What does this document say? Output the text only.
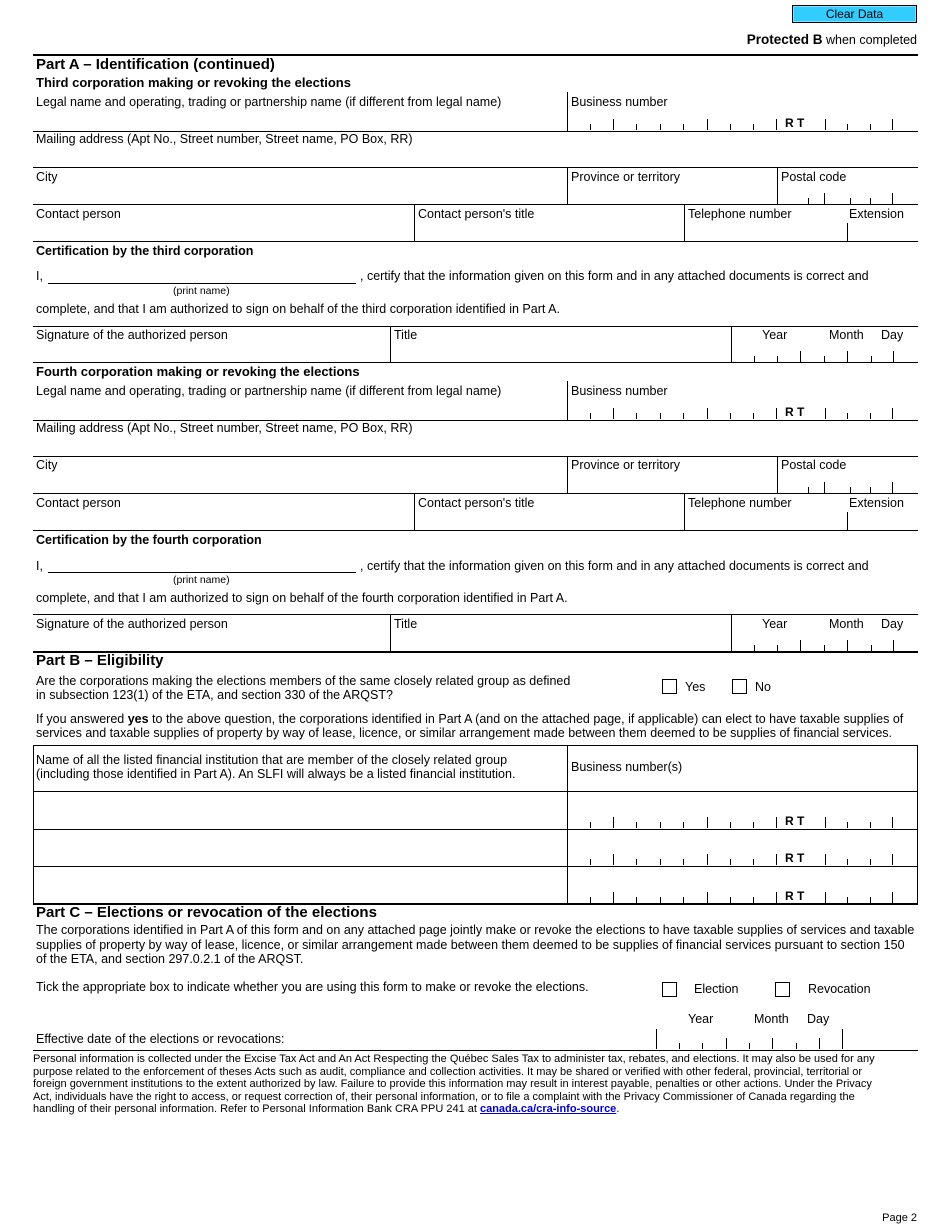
Clear Data
Protected B when completed
Part A – Identification (continued)
Third corporation making or revoking the elections
Legal name and operating, trading or partnership name (if different from legal name)	Business number
R T
Mailing address (Apt No., Street number, Street name, PO Box, RR)
City	Province or territory	Postal code
Contact person	Contact person's title	Telephone number	Extension
Certification by the third corporation
I,	, certify that the information given on this form and in any attached documents is correct and
(print name)
complete, and that I am authorized to sign on behalf of the third corporation identified in Part A.
Signature of the authorized person	Title	Year	Month Day
Fourth corporation making or revoking the elections
Legal name and operating, trading or partnership name (if different from legal name)	Business number
R T
Mailing address (Apt No., Street number, Street name, PO Box, RR)
City	Province or territory	Postal code
Contact person	Contact person's title	Telephone number	Extension
Certification by the fourth corporation
I,	, certify that the information given on this form and in any attached documents is correct and
(print name)
complete, and that I am authorized to sign on behalf of the fourth corporation identified in Part A.
Signature of the authorized person	Title	Year	Month Day
Part B – Eligibility
Are the corporations making the elections members of the same closely related group as defined
in subsection 123(1) of the ETA, and section 330 of the ARQST?
Yes	No
If you answered yes to the above question, the corporations identified in Part A (and on the attached page, if applicable) can elect to have taxable supplies of services and taxable supplies of property by way of lease, licence, or similar arrangement made between them deemed to be supplies of financial services.
Name of all the listed financial institution that are member of the closely related group (including those identified in Part A). An SLFI will always be a listed financial institution.	Business number(s)
R T
R T
R T
Part C – Elections or revocation of the elections
The corporations identified in Part A of this form and on any attached page jointly make or revoke the elections to have taxable supplies of services and taxable supplies of property by way of lease, licence, or similar arrangement made between them deemed to be supplies of financial services pursuant to section 150 of the ETA, and section 297.0.2.1 of the ARQST.
Tick the appropriate box to indicate whether you are using this form to make or revoke the elections.	Election	Revocation
Year	Month Day
Effective date of the elections or revocations:
Personal information is collected under the Excise Tax Act and An Act Respecting the Québec Sales Tax to administer tax, rebates, and elections. It may also be used for any purpose related to the enforcement of theses Acts such as audit, compliance and collection activities. It may be shared or verified with other federal, provincial, territorial or foreign government institutions to the extent authorized by law. Failure to provide this information may result in interest payable, penalties or other actions. Under the Privacy Act, individuals have the right to access, or request correction of, their personal information, or to file a complaint with the Privacy Commissioner of Canada regarding the handling of their personal information. Refer to Personal Information Bank CRA PPU 241 at canada.ca/cra-info-source.
Page 2
